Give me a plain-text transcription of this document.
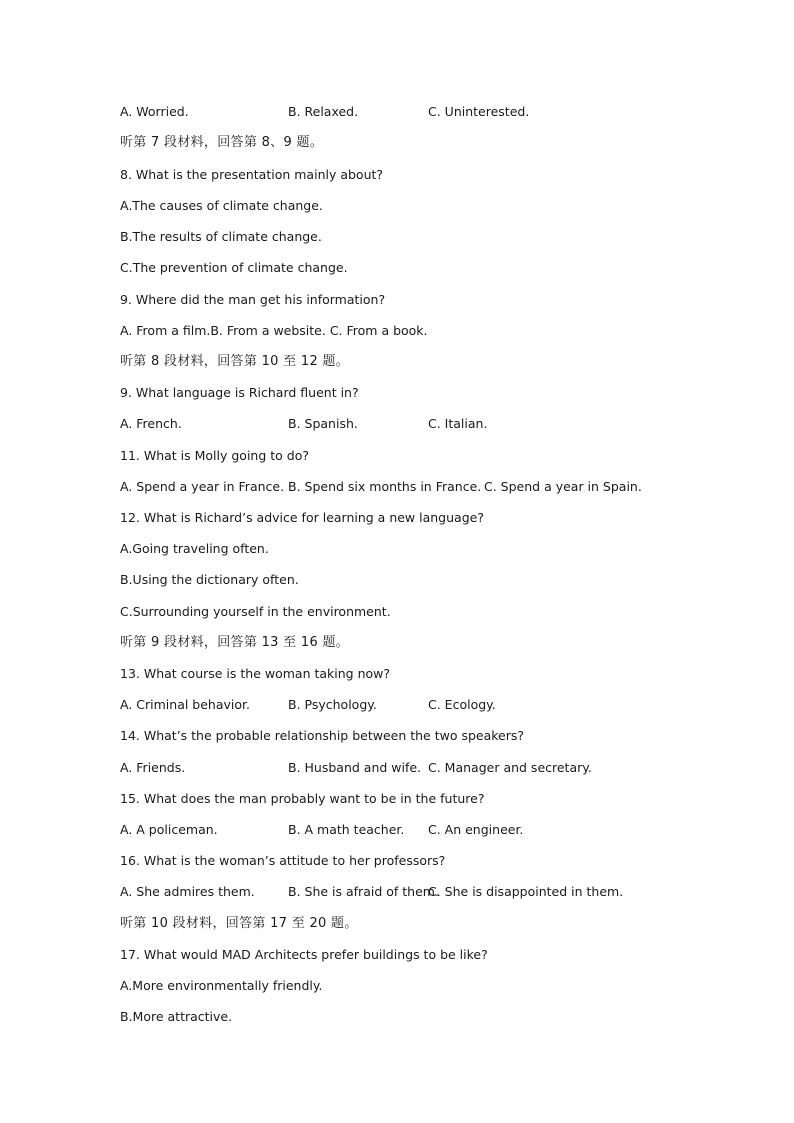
A. Worried.	B. Relaxed.	C. Uninterested.
听第 7 段材料，回答第 8、9 题。
8. What is the presentation mainly about?
A.The causes of climate change.
B.The results of climate change.
C.The prevention of climate change.
9. Where did the man get his information?
A. From a film.B. From a website. C. From a book.
听第 8 段材料，回答第 10 至 12 题。
9. What language is Richard fluent in?
A. French.	B. Spanish.	C. Italian.
11. What is Molly going to do?
A. Spend a year in France. B. Spend six months in France. C. Spend a year in Spain.
12. What is Richard’s advice for learning a new language?
A.Going traveling often.
B.Using the dictionary often.
C.Surrounding yourself in the environment.
听第 9 段材料，回答第 13 至 16 题。
13. What course is the woman taking now?
A. Criminal behavior.	B. Psychology.	C. Ecology.
14. What’s the probable relationship between the two speakers?
A. Friends.	B. Husband and wife. C. Manager and secretary.
15. What does the man probably want to be in the future?
A. A policeman.	B. A math teacher. C. An engineer.
16. What is the woman’s attitude to her professors?
A. She admires them.	B. She is afraid of them.
C. She is disappointed in them.
听第 10 段材料，回答第 17 至 20 题。
17. What would MAD Architects prefer buildings to be like?
A.More environmentally friendly.
B.More attractive.
